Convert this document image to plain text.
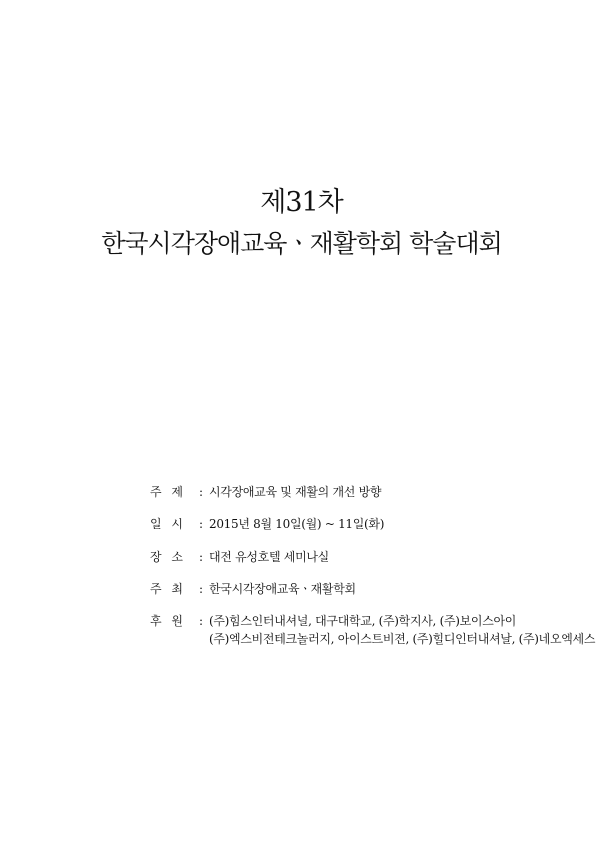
제31차
한국시각장애교육ㆍ재활학회 학술대회
주 제	: 시각장애교육 및 재활의 개선 방향
일 시	: 2015년 8월 10일(월) ~ 11일(화)
장 소	: 대전 유성호텔 세미나실
주 최	: 한국시각장애교육ㆍ재활학회
후 원	: (주)힘스인터내셔널, 대구대학교, (주)학지사, (주)보이스아이
(주)엑스비전테크놀러지, 아이스트비젼, (주)힐디인터내셔날, (주)네오엑세스
